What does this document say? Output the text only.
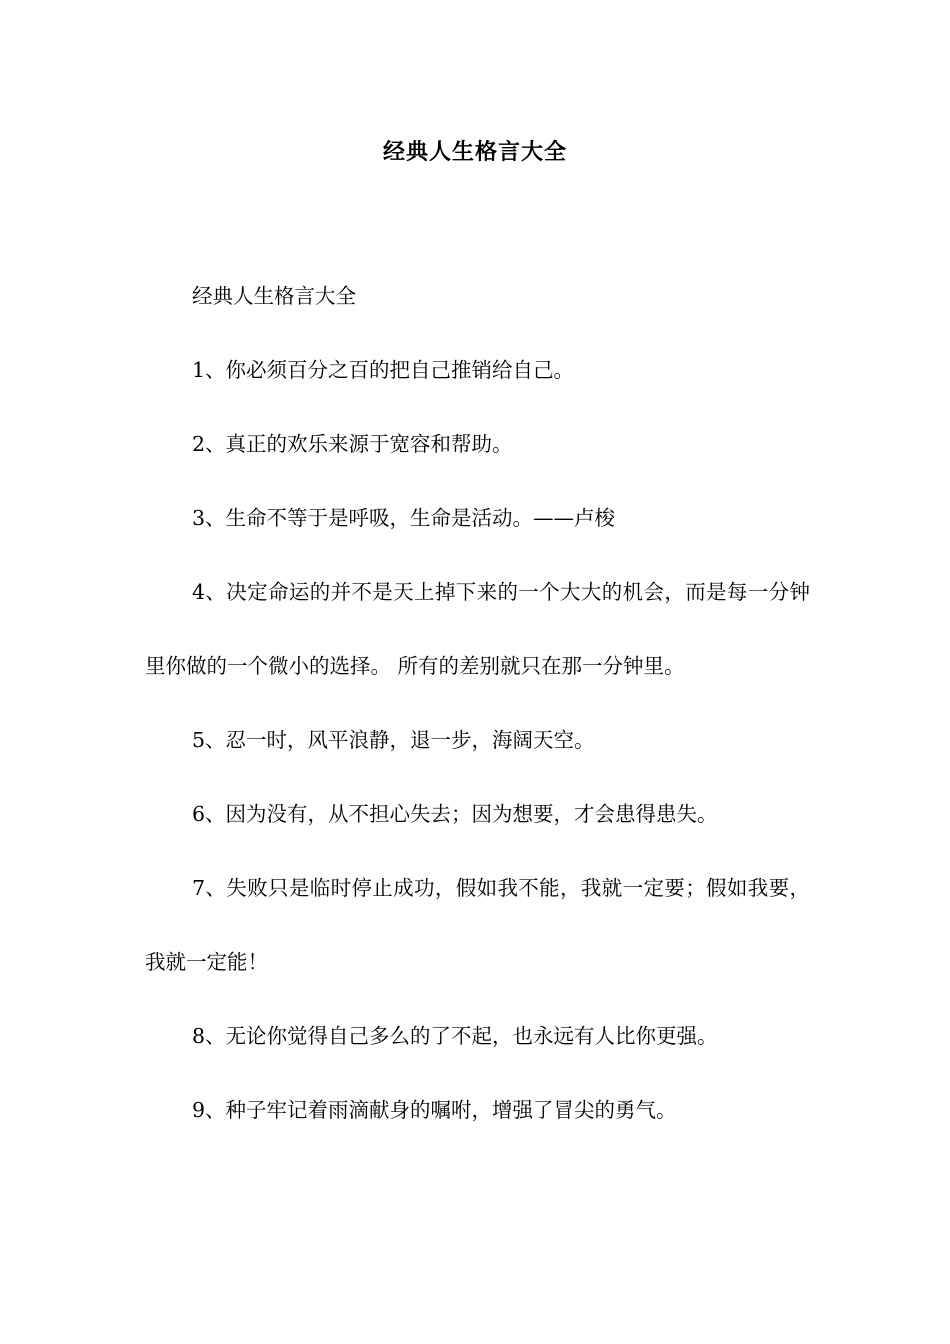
经典人生格言大全

经典人生格言大全

1、你必须百分之百的把自己推销给自己。

2、真正的欢乐来源于宽容和帮助。

3、生命不等于是呼吸，生命是活动。——卢梭

4、决定命运的并不是天上掉下来的一个大大的机会，而是每一分钟里你做的一个微小的选择。 所有的差别就只在那一分钟里。

5、忍一时，风平浪静，退一步，海阔天空。

6、因为没有，从不担心失去；因为想要，才会患得患失。

7、失败只是临时停止成功，假如我不能，我就一定要；假如我要，我就一定能！

8、无论你觉得自己多么的了不起，也永远有人比你更强。

9、种子牢记着雨滴献身的嘱咐，增强了冒尖的勇气。
